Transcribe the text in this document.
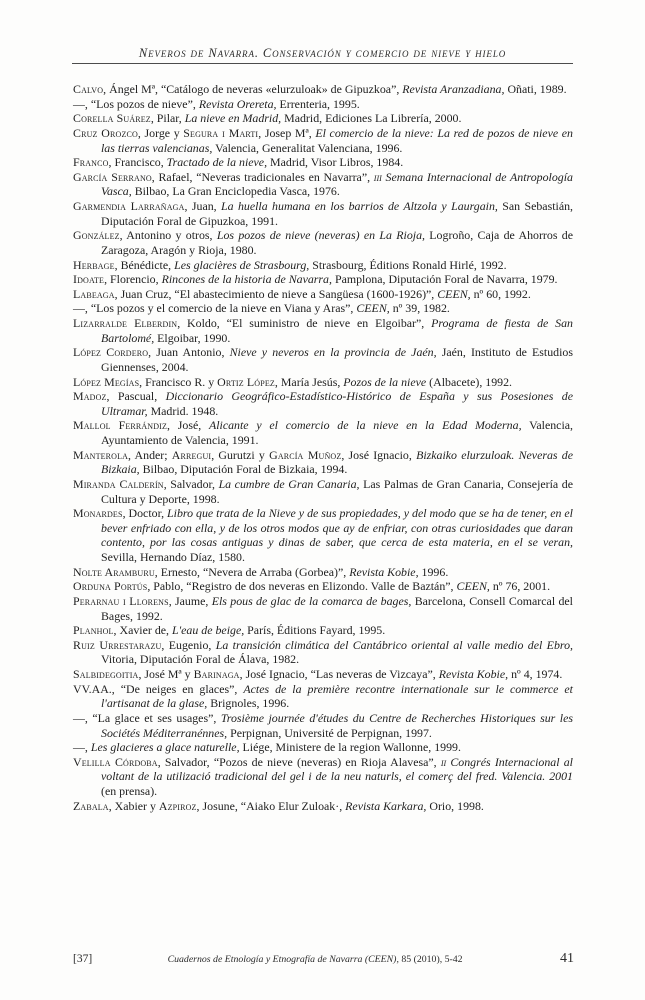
Neveros de Navarra. Conservación y comercio de nieve y hielo

Calvo, Ángel Mª, “Catálogo de neveras «elurzuloak» de Gipuzkoa”, Revista Aranzadiana, Oñati, 1989.

—, “Los pozos de nieve”, Revista Orereta, Errenteria, 1995.

Corella Suárez, Pilar, La nieve en Madrid, Madrid, Ediciones La Librería, 2000.

Cruz Orozco, Jorge y Segura i Marti, Josep Mª, El comercio de la nieve: La red de pozos de nieve en las tierras valencianas, Valencia, Generalitat Valenciana, 1996.

Franco, Francisco, Tractado de la nieve, Madrid, Visor Libros, 1984.

García Serrano, Rafael, “Neveras tradicionales en Navarra”, iii Semana Internacional de Antropología Vasca, Bilbao, La Gran Enciclopedia Vasca, 1976.

Garmendia Larrañaga, Juan, La huella humana en los barrios de Altzola y Laurgain, San Sebastián, Diputación Foral de Gipuzkoa, 1991.

González, Antonino y otros, Los pozos de nieve (neveras) en La Rioja, Logroño, Caja de Ahorros de Zaragoza, Aragón y Rioja, 1980.

Herbage, Bénédicte, Les glacières de Strasbourg, Strasbourg, Éditions Ronald Hirlé, 1992.

Idoate, Florencio, Rincones de la historia de Navarra, Pamplona, Diputación Foral de Navarra, 1979.

Labeaga, Juan Cruz, “El abastecimiento de nieve a Sangüesa (1600-1926)”, CEEN, nº 60, 1992.

—, “Los pozos y el comercio de la nieve en Viana y Aras”, CEEN, nº 39, 1982.

Lizarralde Elberdin, Koldo, “El suministro de nieve en Elgoibar”, Programa de fiesta de San Bartolomé, Elgoibar, 1990.

López Cordero, Juan Antonio, Nieve y neveros en la provincia de Jaén, Jaén, Instituto de Estudios Giennenses, 2004.

López Megías, Francisco R. y Ortiz López, María Jesús, Pozos de la nieve (Albacete), 1992.

Madoz, Pascual, Diccionario Geográfico-Estadístico-Histórico de España y sus Posesiones de Ultramar, Madrid. 1948.

Mallol Ferrándiz, José, Alicante y el comercio de la nieve en la Edad Moderna, Valencia, Ayuntamiento de Valencia, 1991.

Manterola, Ander; Arregui, Gurutzi y García Muñoz, José Ignacio, Bizkaiko elurzuloak. Neveras de Bizkaia, Bilbao, Diputación Foral de Bizkaia, 1994.

Miranda Calderín, Salvador, La cumbre de Gran Canaria, Las Palmas de Gran Canaria, Consejería de Cultura y Deporte, 1998.

Monardes, Doctor, Libro que trata de la Nieve y de sus propiedades, y del modo que se ha de tener, en el bever enfriado con ella, y de los otros modos que ay de enfriar, con otras curiosidades que daran contento, por las cosas antiguas y dinas de saber, que cerca de esta materia, en el se veran, Sevilla, Hernando Díaz, 1580.

Nolte Aramburu, Ernesto, “Nevera de Arraba (Gorbea)”, Revista Kobie, 1996.

Orduna Portús, Pablo, “Registro de dos neveras en Elizondo. Valle de Baztán”, CEEN, nº 76, 2001.

Perarnau i Llorens, Jaume, Els pous de glac de la comarca de bages, Barcelona, Consell Comarcal del Bages, 1992.

Planhol, Xavier de, L'eau de beige, París, Éditions Fayard, 1995.

Ruiz Urrestarazu, Eugenio, La transición climática del Cantábrico oriental al valle medio del Ebro, Vitoria, Diputación Foral de Álava, 1982.

Salbidegoitia, José Mª y Barinaga, José Ignacio, “Las neveras de Vizcaya”, Revista Kobie, nº 4, 1974.

VV.AA., “De neiges en glaces”, Actes de la première recontre internationale sur le commerce et l'artisanat de la glase, Brignoles, 1996.

—, “La glace et ses usages”, Trosième journée d'études du Centre de Recherches Historiques sur les Sociétés Méditerranénnes, Perpignan, Université de Perpignan, 1997.

—, Les glacieres a glace naturelle, Liége, Ministere de la region Wallonne, 1999.

Velilla Córdoba, Salvador, “Pozos de nieve (neveras) en Rioja Alavesa”, ii Congrés Internacional al voltant de la utilizació tradicional del gel i de la neu naturls, el comerç del fred. Valencia. 2001 (en prensa).

Zabala, Xabier y Azpiroz, Josune, “Aiako Elur Zuloak·, Revista Karkara, Orio, 1998.

[37]	Cuadernos de Etnología y Etnografía de Navarra (CEEN), 85 (2010), 5-42	41
